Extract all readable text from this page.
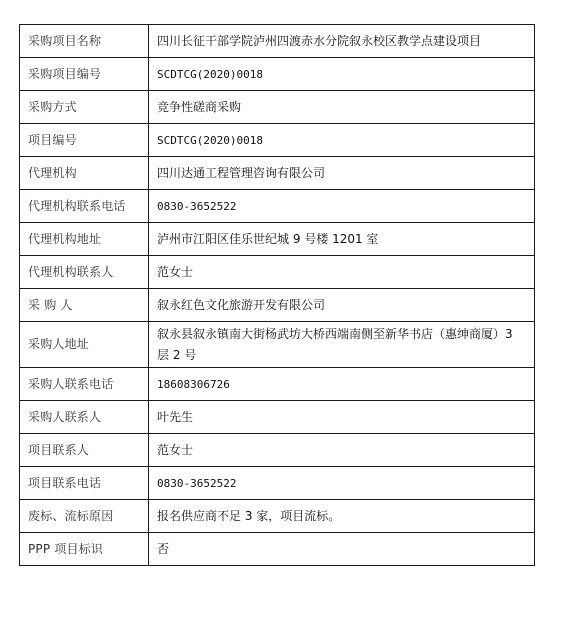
采购项目名称	四川长征干部学院泸州四渡赤水分院叙永校区教学点建设项目
采购项目编号	SCDTCG(2020)0018
采购方式	竞争性磋商采购
项目编号	SCDTCG(2020)0018
代理机构	四川达通工程管理咨询有限公司
代理机构联系电话	0830-3652522
代理机构地址	泸州市江阳区佳乐世纪城 9 号楼 1201 室
代理机构联系人	范女士
采 购 人	叙永红色文化旅游开发有限公司
采购人地址	叙永县叙永镇南大街杨武坊大桥西端南侧至新华书店（惠绅商厦）3 层 2 号
采购人联系电话	18608306726
采购人联系人	叶先生
项目联系人	范女士
项目联系电话	0830-3652522
废标、流标原因	报名供应商不足 3 家，项目流标。
PPP 项目标识	否
